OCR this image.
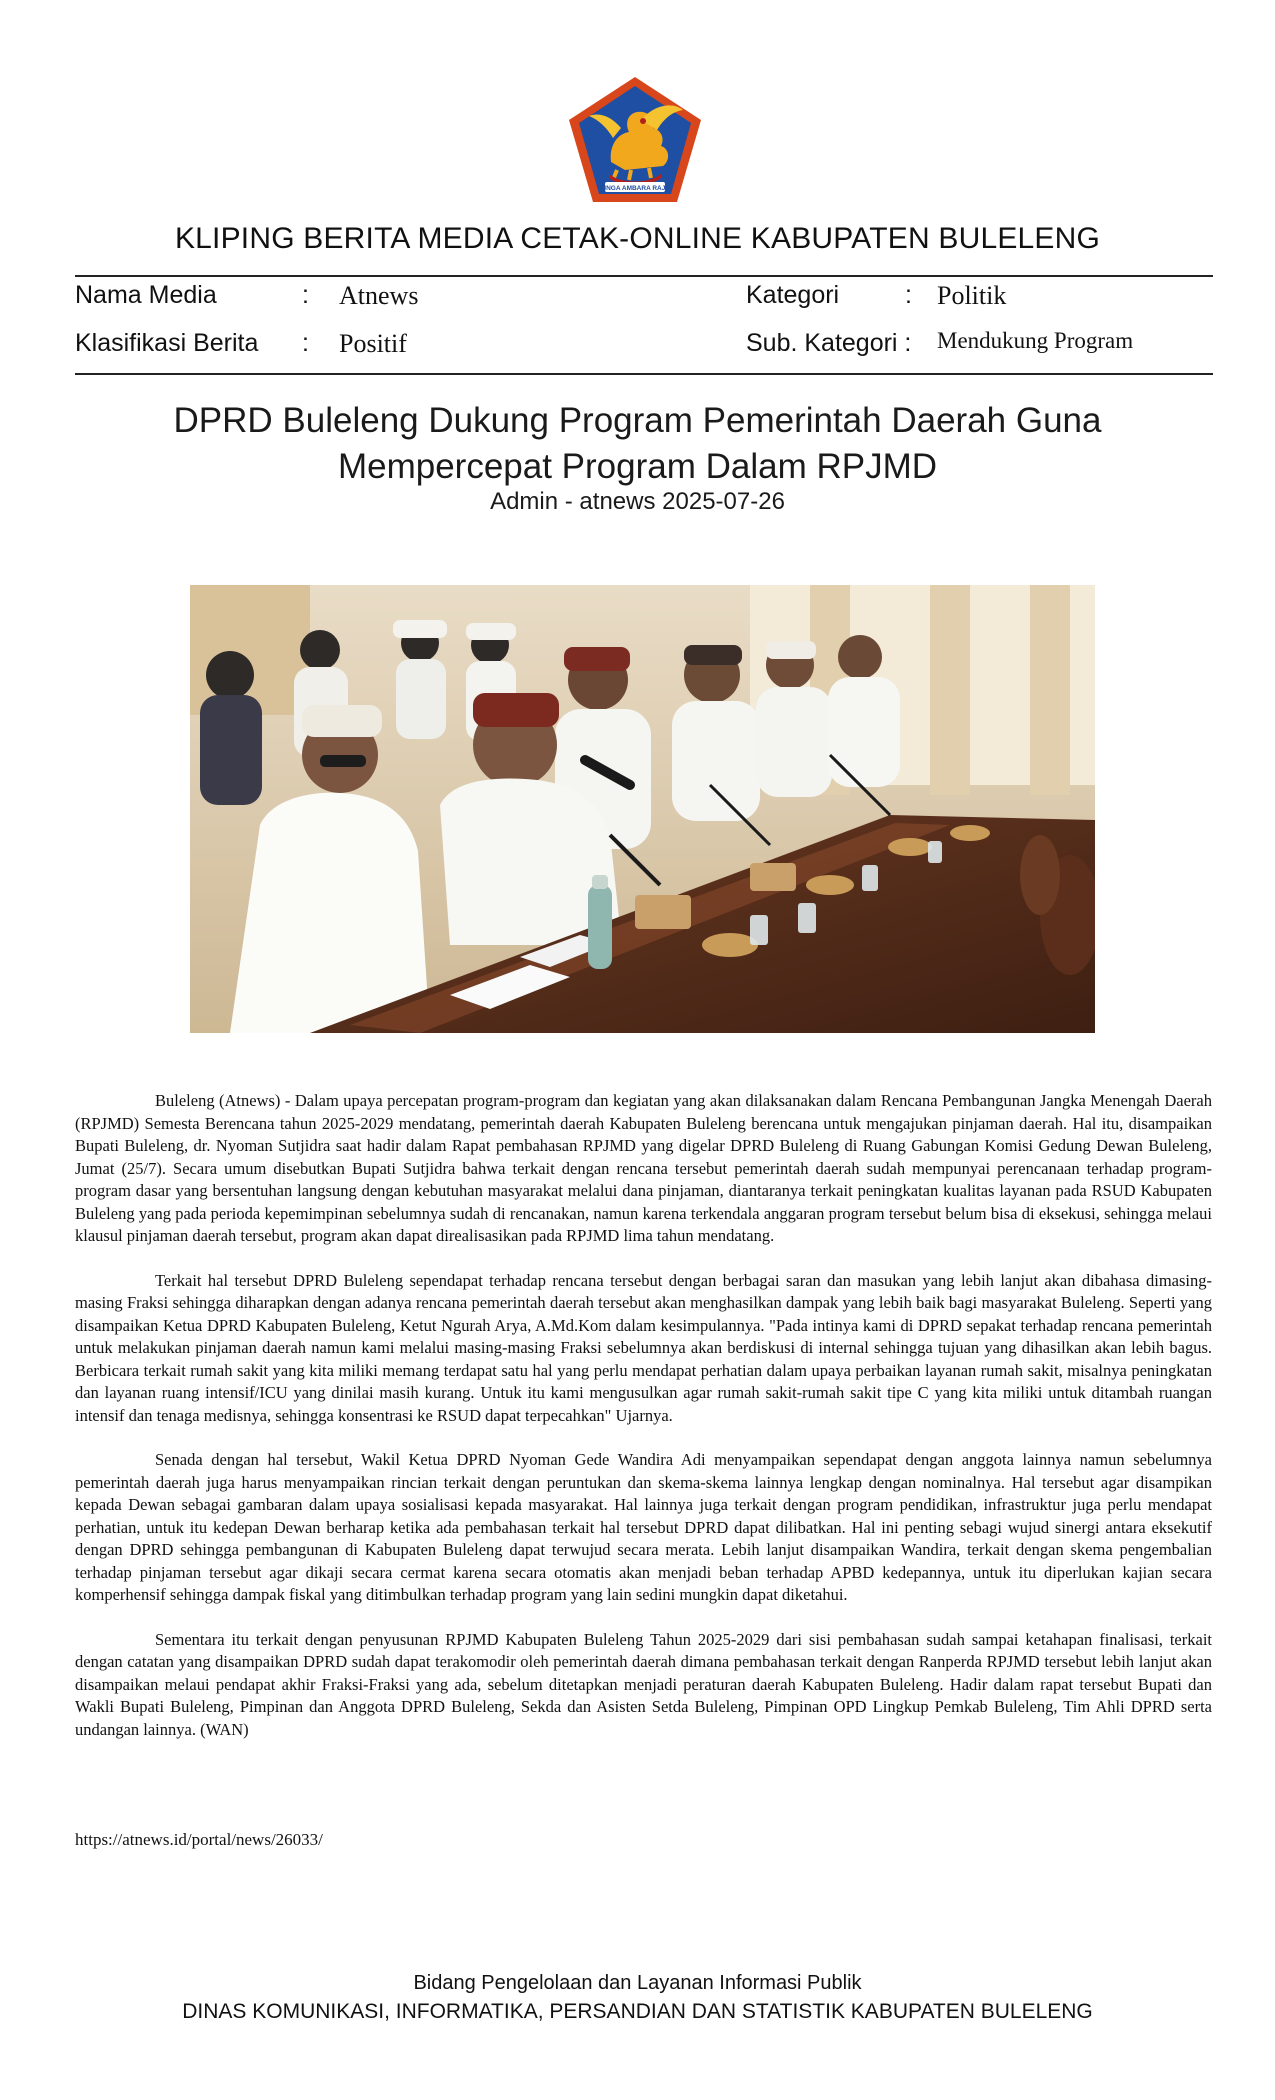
SINGA AMBARA RAJA
KLIPING BERITA MEDIA CETAK-ONLINE KABUPATEN BULELENG
Nama Media	: Atnews	Kategori	: Politik
Klasifikasi Berita : Positif	Sub. Kategori : Mendukung Program
DPRD Buleleng Dukung Program Pemerintah Daerah Guna
Mempercepat Program Dalam RPJMD
Admin - atnews 2025-07-26

Buleleng (Atnews) - Dalam upaya percepatan program-program dan kegiatan yang akan dilaksanakan dalam Rencana Pembangunan Jangka Menengah Daerah (RPJMD) Semesta Berencana tahun 2025-2029 mendatang, pemerintah daerah Kabupaten Buleleng berencana untuk mengajukan pinjaman daerah. Hal itu, disampaikan Bupati Buleleng, dr. Nyoman Sutjidra saat hadir dalam Rapat pembahasan RPJMD yang digelar DPRD Buleleng di Ruang Gabungan Komisi Gedung Dewan Buleleng, Jumat (25/7). Secara umum disebutkan Bupati Sutjidra bahwa terkait dengan rencana tersebut pemerintah daerah sudah mempunyai perencanaan terhadap program- program dasar yang bersentuhan langsung dengan kebutuhan masyarakat melalui dana pinjaman, diantaranya terkait peningkatan kualitas layanan pada RSUD Kabupaten Buleleng yang pada perioda kepemimpinan sebelumnya sudah di rencanakan, namun karena terkendala anggaran program tersebut belum bisa di eksekusi, sehingga melaui klausul pinjaman daerah tersebut, program akan dapat direalisasikan pada RPJMD lima tahun mendatang.

Terkait hal tersebut DPRD Buleleng sependapat terhadap rencana tersebut dengan berbagai saran dan masukan yang lebih lanjut akan dibahasa dimasing-masing Fraksi sehingga diharapkan dengan adanya rencana pemerintah daerah tersebut akan menghasilkan dampak yang lebih baik bagi masyarakat Buleleng. Seperti yang disampaikan Ketua DPRD Kabupaten Buleleng, Ketut Ngurah Arya, A.Md.Kom dalam kesimpulannya. "Pada intinya kami di DPRD sepakat terhadap rencana pemerintah untuk melakukan pinjaman daerah namun kami melalui masing-masing Fraksi sebelumnya akan berdiskusi di internal sehingga tujuan yang dihasilkan akan lebih bagus. Berbicara terkait rumah sakit yang kita miliki memang terdapat satu hal yang perlu mendapat perhatian dalam upaya perbaikan layanan rumah sakit, misalnya peningkatan dan layanan ruang intensif/ICU yang dinilai masih kurang. Untuk itu kami mengusulkan agar rumah sakit-rumah sakit tipe C yang kita miliki untuk ditambah ruangan intensif dan tenaga medisnya, sehingga konsentrasi ke RSUD dapat terpecahkan" Ujarnya.

Senada dengan hal tersebut, Wakil Ketua DPRD Nyoman Gede Wandira Adi menyampaikan sependapat dengan anggota lainnya namun sebelumnya pemerintah daerah juga harus menyampaikan rincian terkait dengan peruntukan dan skema-skema lainnya lengkap dengan nominalnya. Hal tersebut agar disampikan kepada Dewan sebagai gambaran dalam upaya sosialisasi kepada masyarakat. Hal lainnya juga terkait dengan program pendidikan, infrastruktur juga perlu mendapat perhatian, untuk itu kedepan Dewan berharap ketika ada pembahasan terkait hal tersebut DPRD dapat dilibatkan. Hal ini penting sebagi wujud sinergi antara eksekutif dengan DPRD sehingga pembangunan di Kabupaten Buleleng dapat terwujud secara merata. Lebih lanjut disampaikan Wandira, terkait dengan skema pengembalian terhadap pinjaman tersebut agar dikaji secara cermat karena secara otomatis akan menjadi beban terhadap APBD kedepannya, untuk itu diperlukan kajian secara komperhensif sehingga dampak fiskal yang ditimbulkan terhadap program yang lain sedini mungkin dapat diketahui.

Sementara itu terkait dengan penyusunan RPJMD Kabupaten Buleleng Tahun 2025-2029 dari sisi pembahasan sudah sampai ketahapan finalisasi, terkait dengan catatan yang disampaikan DPRD sudah dapat terakomodir oleh pemerintah daerah dimana pembahasan terkait dengan Ranperda RPJMD tersebut lebih lanjut akan disampaikan melaui pendapat akhir Fraksi-Fraksi yang ada, sebelum ditetapkan menjadi peraturan daerah Kabupaten Buleleng. Hadir dalam rapat tersebut Bupati dan Wakli Bupati Buleleng, Pimpinan dan Anggota DPRD Buleleng, Sekda dan Asisten Setda Buleleng, Pimpinan OPD Lingkup Pemkab Buleleng, Tim Ahli DPRD serta undangan lainnya. (WAN)

https://atnews.id/portal/news/26033/
Bidang Pengelolaan dan Layanan Informasi Publik
DINAS KOMUNIKASI, INFORMATIKA, PERSANDIAN DAN STATISTIK KABUPATEN BULELENG
